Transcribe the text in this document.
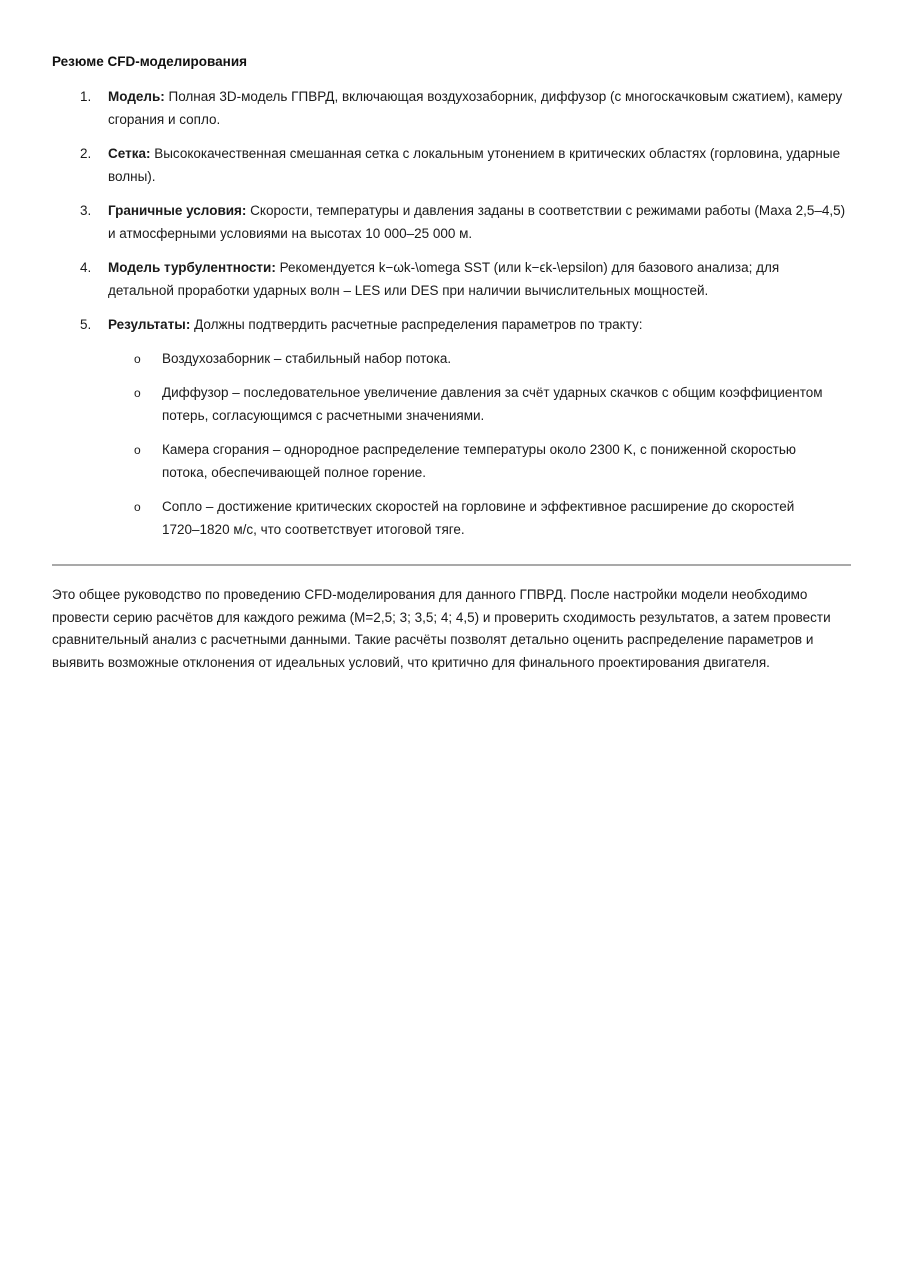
Резюме CFD-моделирования
1. Модель: Полная 3D-модель ГПВРД, включающая воздухозаборник, диффузор (с многоскачковым сжатием), камеру сгорания и сопло.
2. Сетка: Высококачественная смешанная сетка с локальным утонением в критических областях (горловина, ударные волны).
3. Граничные условия: Скорости, температуры и давления заданы в соответствии с режимами работы (Маха 2,5–4,5) и атмосферными условиями на высотах 10 000–25 000 м.
4. Модель турбулентности: Рекомендуется k−ωk-\omega SST (или k−ϵk-\epsilon) для базового анализа; для детальной проработки ударных волн – LES или DES при наличии вычислительных мощностей.
5. Результаты: Должны подтвердить расчетные распределения параметров по тракту:
o Воздухозаборник – стабильный набор потока.
o Диффузор – последовательное увеличение давления за счёт ударных скачков с общим коэффициентом потерь, согласующимся с расчетными значениями.
o Камера сгорания – однородное распределение температуры около 2300 K, с пониженной скоростью потока, обеспечивающей полное горение.
o Сопло – достижение критических скоростей на горловине и эффективное расширение до скоростей 1720–1820 м/с, что соответствует итоговой тяге.

Это общее руководство по проведению CFD-моделирования для данного ГПВРД. После настройки модели необходимо провести серию расчётов для каждого режима (M=2,5; 3; 3,5; 4; 4,5) и проверить сходимость результатов, а затем провести сравнительный анализ с расчетными данными. Такие расчёты позволят детально оценить распределение параметров и выявить возможные отклонения от идеальных условий, что критично для финального проектирования двигателя.
